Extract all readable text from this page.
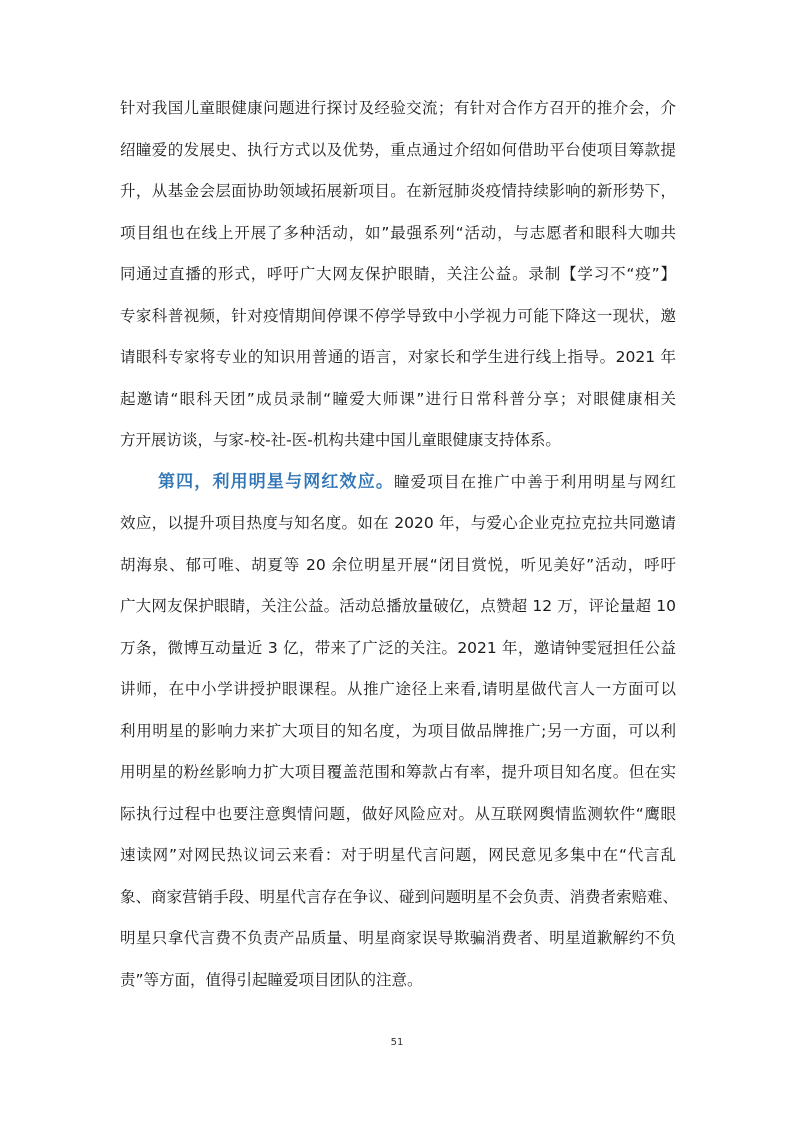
针对我国儿童眼健康问题进行探讨及经验交流；有针对合作方召开的推介会，介
绍瞳爱的发展史、执行方式以及优势，重点通过介绍如何借助平台使项目筹款提
升，从基金会层面协助领域拓展新项目。在新冠肺炎疫情持续影响的新形势下，
项目组也在线上开展了多种活动，如”最强系列“活动，与志愿者和眼科大咖共
同通过直播的形式，呼吁广大网友保护眼睛，关注公益。录制【学习不“疫”】
专家科普视频，针对疫情期间停课不停学导致中小学视力可能下降这一现状，邀
请眼科专家将专业的知识用普通的语言，对家长和学生进行线上指导。2021 年
起邀请“眼科天团”成员录制“瞳爱大师课”进行日常科普分享；对眼健康相关
方开展访谈，与家-校-社-医-机构共建中国儿童眼健康支持体系。
第四，利用明星与网红效应。瞳爱项目在推广中善于利用明星与网红
效应，以提升项目热度与知名度。如在 2020 年，与爱心企业克拉克拉共同邀请
胡海泉、郁可唯、胡夏等 20 余位明星开展“闭目赏悦，听见美好”活动，呼吁
广大网友保护眼睛，关注公益。活动总播放量破亿，点赞超 12 万，评论量超 10
万条，微博互动量近 3 亿，带来了广泛的关注。2021 年，邀请钟雯冠担任公益
讲师，在中小学讲授护眼课程。从推广途径上来看,请明星做代言人一方面可以
利用明星的影响力来扩大项目的知名度，为项目做品牌推广;另一方面，可以利
用明星的粉丝影响力扩大项目覆盖范围和筹款占有率，提升项目知名度。但在实
际执行过程中也要注意舆情问题，做好风险应对。从互联网舆情监测软件“鹰眼
速读网”对网民热议词云来看：对于明星代言问题，网民意见多集中在“代言乱
象、商家营销手段、明星代言存在争议、碰到问题明星不会负责、消费者索赔难、
明星只拿代言费不负责产品质量、明星商家误导欺骗消费者、明星道歉解约不负
责”等方面，值得引起瞳爱项目团队的注意。
51
